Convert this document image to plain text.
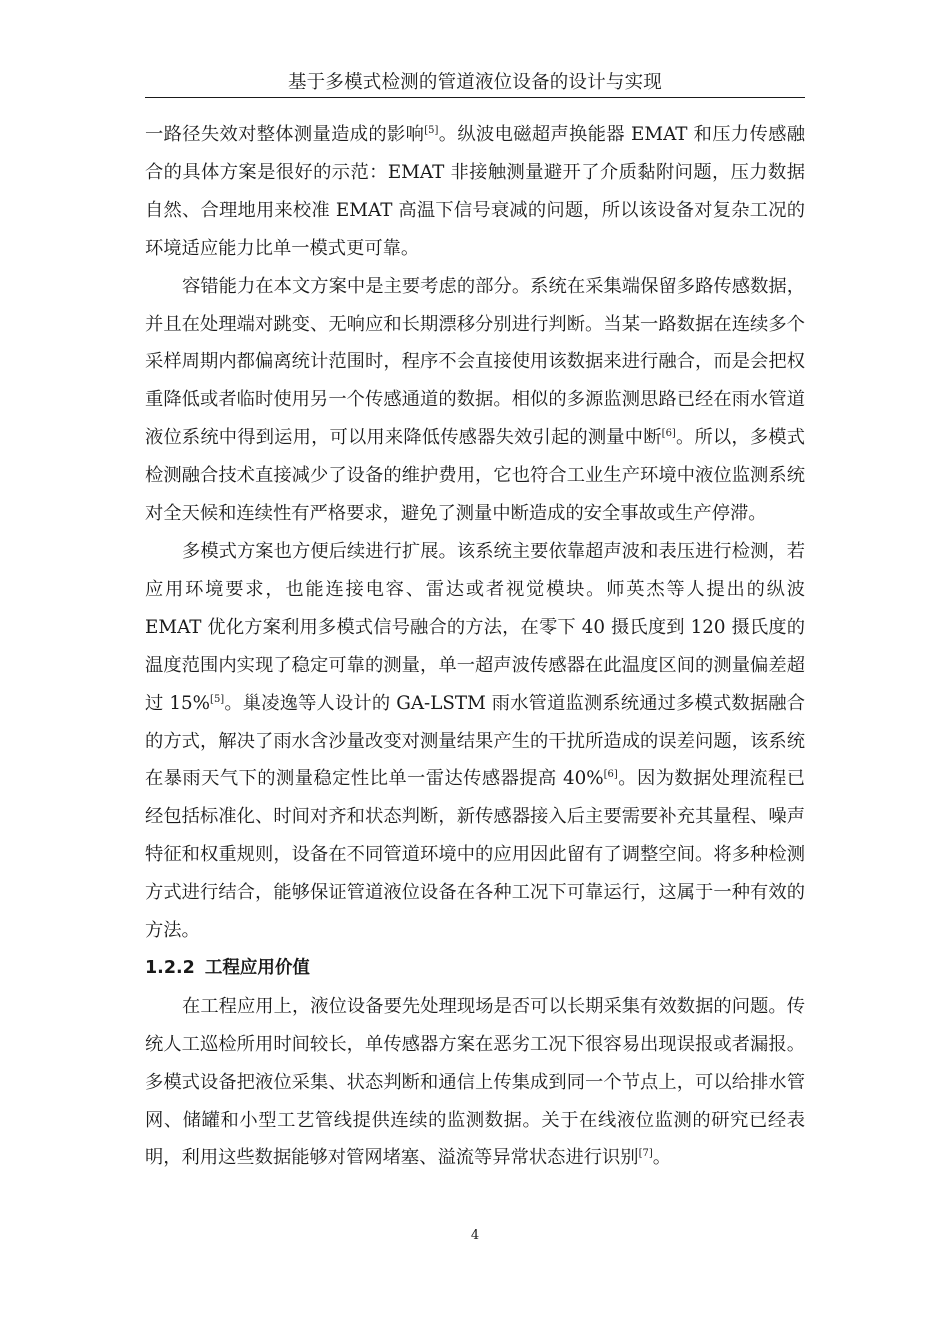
基于多模式检测的管道液位设备的设计与实现

一路径失效对整体测量造成的影响[5]。纵波电磁超声换能器 EMAT 和压力传感融合的具体方案是很好的示范：EMAT 非接触测量避开了介质黏附问题，压力数据自然、合理地用来校准 EMAT 高温下信号衰减的问题，所以该设备对复杂工况的环境适应能力比单一模式更可靠。

容错能力在本文方案中是主要考虑的部分。系统在采集端保留多路传感数据，并且在处理端对跳变、无响应和长期漂移分别进行判断。当某一路数据在连续多个采样周期内都偏离统计范围时，程序不会直接使用该数据来进行融合，而是会把权重降低或者临时使用另一个传感通道的数据。相似的多源监测思路已经在雨水管道液位系统中得到运用，可以用来降低传感器失效引起的测量中断[6]。所以，多模式检测融合技术直接减少了设备的维护费用，它也符合工业生产环境中液位监测系统对全天候和连续性有严格要求，避免了测量中断造成的安全事故或生产停滞。

多模式方案也方便后续进行扩展。该系统主要依靠超声波和表压进行检测，若应用环境要求，也能连接电容、雷达或者视觉模块。师英杰等人提出的纵波 EMAT 优化方案利用多模式信号融合的方法，在零下 40 摄氏度到 120 摄氏度的温度范围内实现了稳定可靠的测量，单一超声波传感器在此温度区间的测量偏差超过 15%[5]。巢凌逸等人设计的 GA-LSTM 雨水管道监测系统通过多模式数据融合的方式，解决了雨水含沙量改变对测量结果产生的干扰所造成的误差问题，该系统在暴雨天气下的测量稳定性比单一雷达传感器提高 40%[6]。因为数据处理流程已经包括标准化、时间对齐和状态判断，新传感器接入后主要需要补充其量程、噪声特征和权重规则，设备在不同管道环境中的应用因此留有了调整空间。将多种检测方式进行结合，能够保证管道液位设备在各种工况下可靠运行，这属于一种有效的方法。

1.2.2 工程应用价值

在工程应用上，液位设备要先处理现场是否可以长期采集有效数据的问题。传统人工巡检所用时间较长，单传感器方案在恶劣工况下很容易出现误报或者漏报。多模式设备把液位采集、状态判断和通信上传集成到同一个节点上，可以给排水管网、储罐和小型工艺管线提供连续的监测数据。关于在线液位监测的研究已经表明，利用这些数据能够对管网堵塞、溢流等异常状态进行识别[7]。

4
